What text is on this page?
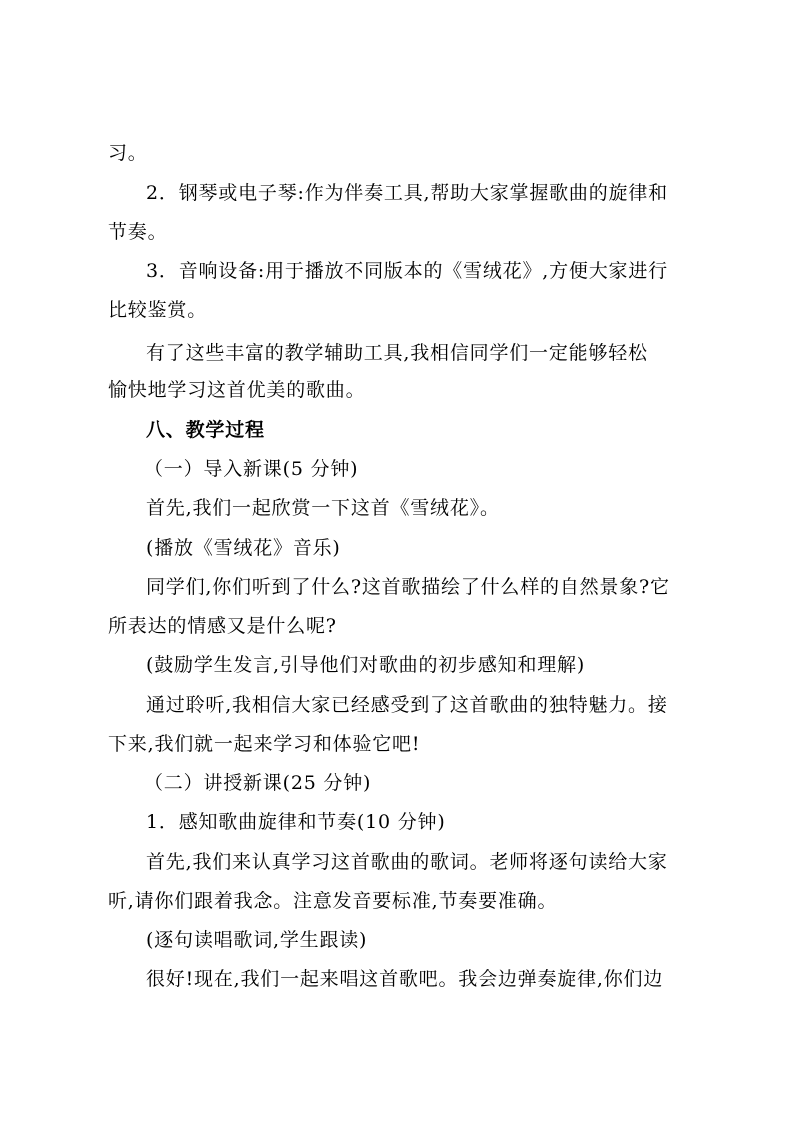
习。
2．钢琴或电子琴:作为伴奏工具,帮助大家掌握歌曲的旋律和
节奏。
3．音响设备:用于播放不同版本的《雪绒花》,方便大家进行
比较鉴赏。
有了这些丰富的教学辅助工具,我相信同学们一定能够轻松
愉快地学习这首优美的歌曲。
八、教学过程
（一）导入新课(5 分钟)
首先,我们一起欣赏一下这首《雪绒花》。
(播放《雪绒花》音乐)
同学们,你们听到了什么?这首歌描绘了什么样的自然景象?它
所表达的情感又是什么呢?
(鼓励学生发言,引导他们对歌曲的初步感知和理解)
通过聆听,我相信大家已经感受到了这首歌曲的独特魅力。接
下来,我们就一起来学习和体验它吧!
（二）讲授新课(25 分钟)
1．感知歌曲旋律和节奏(10 分钟)
首先,我们来认真学习这首歌曲的歌词。老师将逐句读给大家
听,请你们跟着我念。注意发音要标准,节奏要准确。
(逐句读唱歌词,学生跟读)
很好!现在,我们一起来唱这首歌吧。我会边弹奏旋律,你们边
